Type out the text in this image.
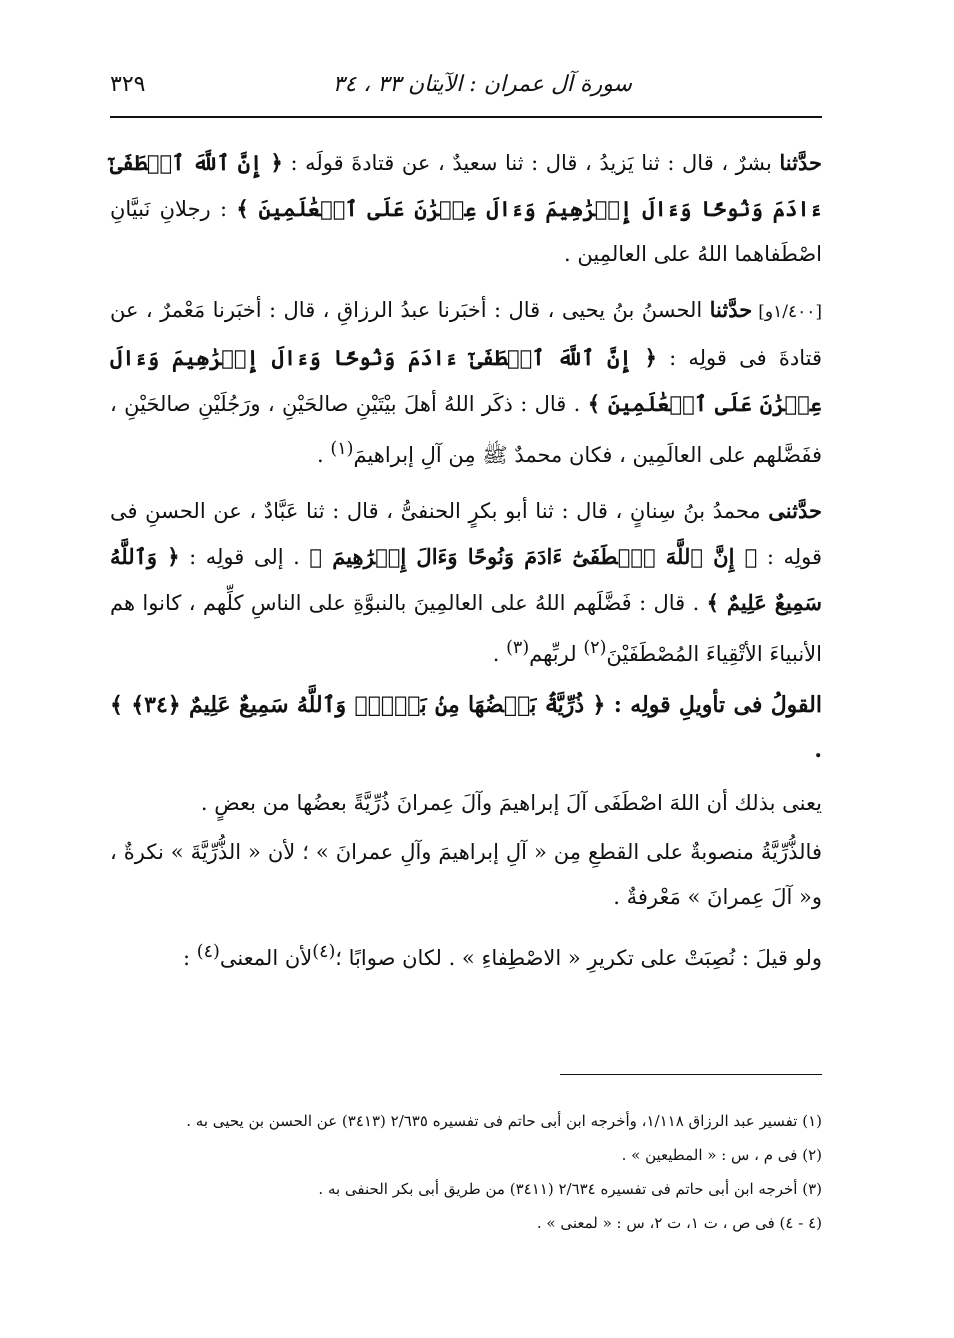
سورة آل عمران : الآيتان ٣٣ ، ٣٤
٣٢٩

حدَّثنا بشرٌ ، قال : ثنا يَزيدُ ، قال : ثنا سعيدٌ ، عن قتادةَ قولَه : ﴿ إِنَّ ٱللَّهَ ٱصۡطَفَىٰٓ ءَادَمَ وَنُوحًا وَءَالَ إِبۡرَٰهِيمَ وَءَالَ عِمۡرَٰنَ عَلَى ٱلۡعَٰلَمِينَ ﴾ : رجلانِ نَبيَّانِ اصْطَفاهما اللهُ على العالمِين .

[١/٤٠٠و]حدَّثنا الحسنُ بنُ يحيى ، قال : أخبَرنا عبدُ الرزاقِ ، قال : أخبَرنا مَعْمرٌ ، عن قتادةَ فى قولِه : ﴿ إِنَّ ٱللَّهَ ٱصۡطَفَىٰٓ ءَادَمَ وَنُوحًا وَءَالَ إِبۡرَٰهِيمَ وَءَالَ عِمۡرَٰنَ عَلَى ٱلۡعَٰلَمِينَ ﴾ . قال : ذكَر اللهُ أهلَ بيْتَيْنِ صالحَيْنِ ، ورَجُلَيْنِ صالحَيْنِ ، ففَضَّلهم على العالَمِين ، فكان محمدٌ ﷺ مِن آلِ إبراهيمَ$^{(١)}$ .

حدَّثنى محمدُ بنُ سِنانٍ ، قال : ثنا أبو بكرٍ الحنفىُّ ، قال : ثنا عَبَّادٌ ، عن الحسنِ فى قولِه : ﴿ إِنَّ ٱللَّهَ ٱصۡطَفَىٰٓ ءَادَمَ وَنُوحًا وَءَالَ إِبۡرَٰهِيمَ ﴾ . إلى قولِه : ﴿ وَٱللَّهُ سَمِيعٌ عَلِيمٌ ﴾ . قال : فَضَّلَهم اللهُ على العالمِينَ بالنبوَّةِ على الناسِ كلِّهم ، كانوا هم الأنبياءَ الأتْقِياءَ المُصْطَفَيْنَ$^{(٢)}$ لربِّهم$^{(٣)}$ .

القولُ فى تأويلِ قولِه : ﴿ ذُرِّيَّةَۢ بَعۡضُهَا مِنۢ بَعۡضٖۗ وَٱللَّهُ سَمِيعٌ عَلِيمٌ ﴿٣٤﴾ ﴾ .

يعنى بذلك أن اللهَ اصْطَفَى آلَ إبراهيمَ وآلَ عِمرانَ ذُرِّيَّةً بعضُها من بعضٍ .

فالذُّرِّيَّةُ منصوبةٌ على القطعِ مِن « آلِ إبراهيمَ وآلِ عمرانَ » ؛ لأن « الذُّرِّيَّةَ » نكرةٌ ، و« آلَ عِمرانَ » مَعْرفةٌ .

ولو قيلَ : نُصِبَتْ على تكريرِ « الاصْطِفاءِ » . لكان صوابًا ؛$^{(٤)}$لأن المعنى$^{(٤)}$ :

(١) تفسير عبد الرزاق ١/١١٨، وأخرجه ابن أبى حاتم فى تفسيره ٢/٦٣٥ (٣٤١٣) عن الحسن بن يحيى به .

(٢) فى م ، س : « المطيعين » .

(٣) أخرجه ابن أبى حاتم فى تفسيره ٢/٦٣٤ (٣٤١١) من طريق أبى بكر الحنفى به .

(٤ - ٤) فى ص ، ت ١، ت ٢، س : « لمعنى » .
